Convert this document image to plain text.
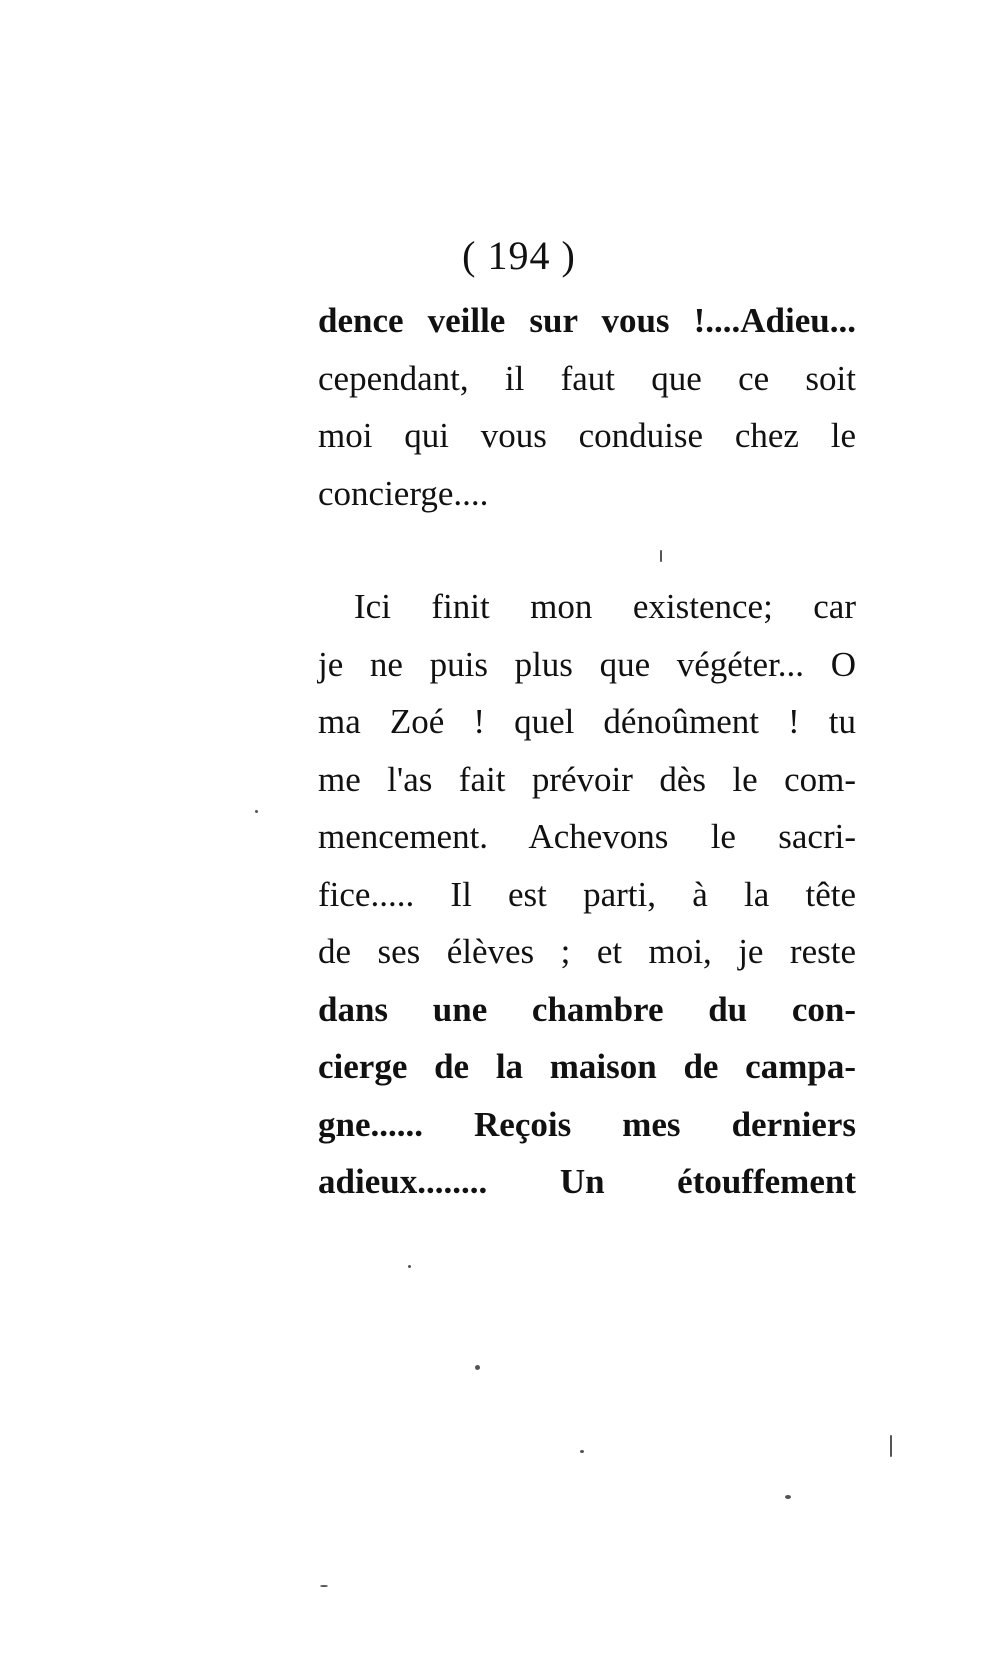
( 194 )
dence veille sur vous !....Adieu...
cependant, il faut que ce soit
moi qui vous conduise chez le
concierge....
Ici finit mon existence; car
je ne puis plus que végéter... O
ma Zoé ! quel dénoûment ! tu
me l'as fait prévoir dès le com-
mencement. Achevons le sacri-
fice..... Il est parti, à la tête
de ses élèves ; et moi, je reste
dans une chambre du con-
cierge de la maison de campa-
gne...... Reçois mes derniers
adieux........ Un étouffement
